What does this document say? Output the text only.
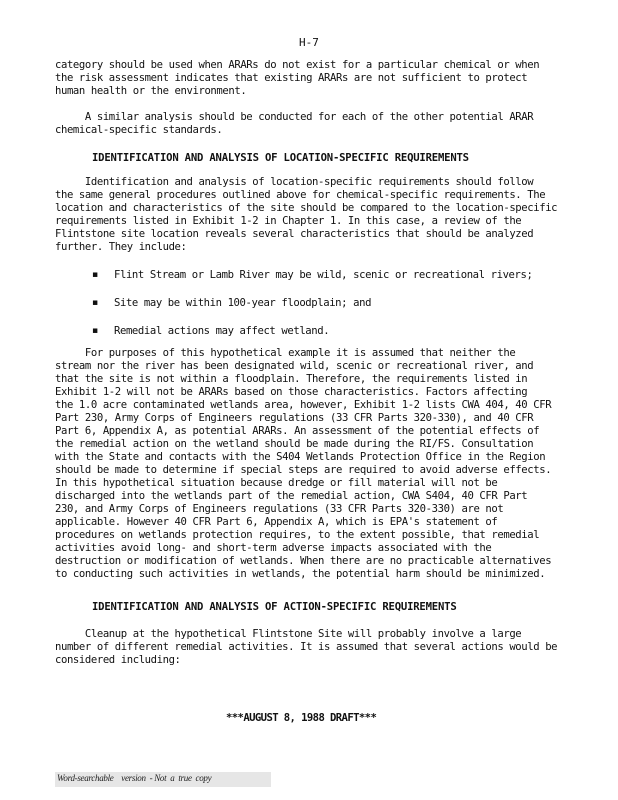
H-7
category should be used when ARARs do not exist for a particular chemical or when
the risk assessment indicates that existing ARARs are not sufficient to protect
human health or the environment.
A similar analysis should be conducted for each of the other potential ARAR
chemical-specific standards.
IDENTIFICATION AND ANALYSIS OF LOCATION-SPECIFIC REQUIREMENTS
Identification and analysis of location-specific requirements should follow
the same general procedures outlined above for chemical-specific requirements. The
location and characteristics of the site should be compared to the location-specific
requirements listed in Exhibit 1-2 in Chapter 1. In this case, a review of the
Flintstone site location reveals several characteristics that should be analyzed
further. They include:
▪ Flint Stream or Lamb River may be wild, scenic or recreational rivers;
▪ Site may be within 100-year floodplain; and
▪ Remedial actions may affect wetland.
For purposes of this hypothetical example it is assumed that neither the
stream nor the river has been designated wild, scenic or recreational river, and
that the site is not within a floodplain. Therefore, the requirements listed in
Exhibit 1-2 will not be ARARs based on those characteristics. Factors affecting
the 1.0 acre contaminated wetlands area, however, Exhibit 1-2 lists CWA 404, 40 CFR
Part 230, Army Corps of Engineers regulations (33 CFR Parts 320-330), and 40 CFR
Part 6, Appendix A, as potential ARARs. An assessment of the potential effects of
the remedial action on the wetland should be made during the RI/FS. Consultation
with the State and contacts with the S404 Wetlands Protection Office in the Region
should be made to determine if special steps are required to avoid adverse effects.
In this hypothetical situation because dredge or fill material will not be
discharged into the wetlands part of the remedial action, CWA S404, 40 CFR Part
230, and Army Corps of Engineers regulations (33 CFR Parts 320-330) are not
applicable. However 40 CFR Part 6, Appendix A, which is EPA's statement of
procedures on wetlands protection requires, to the extent possible, that remedial
activities avoid long- and short-term adverse impacts associated with the
destruction or modification of wetlands. When there are no practicable alternatives
to conducting such activities in wetlands, the potential harm should be minimized.
IDENTIFICATION AND ANALYSIS OF ACTION-SPECIFIC REQUIREMENTS
Cleanup at the hypothetical Flintstone Site will probably involve a large
number of different remedial activities. It is assumed that several actions would be
considered including:
***AUGUST 8, 1988 DRAFT***
Word-searchable    version  - Not  a  true  copy
